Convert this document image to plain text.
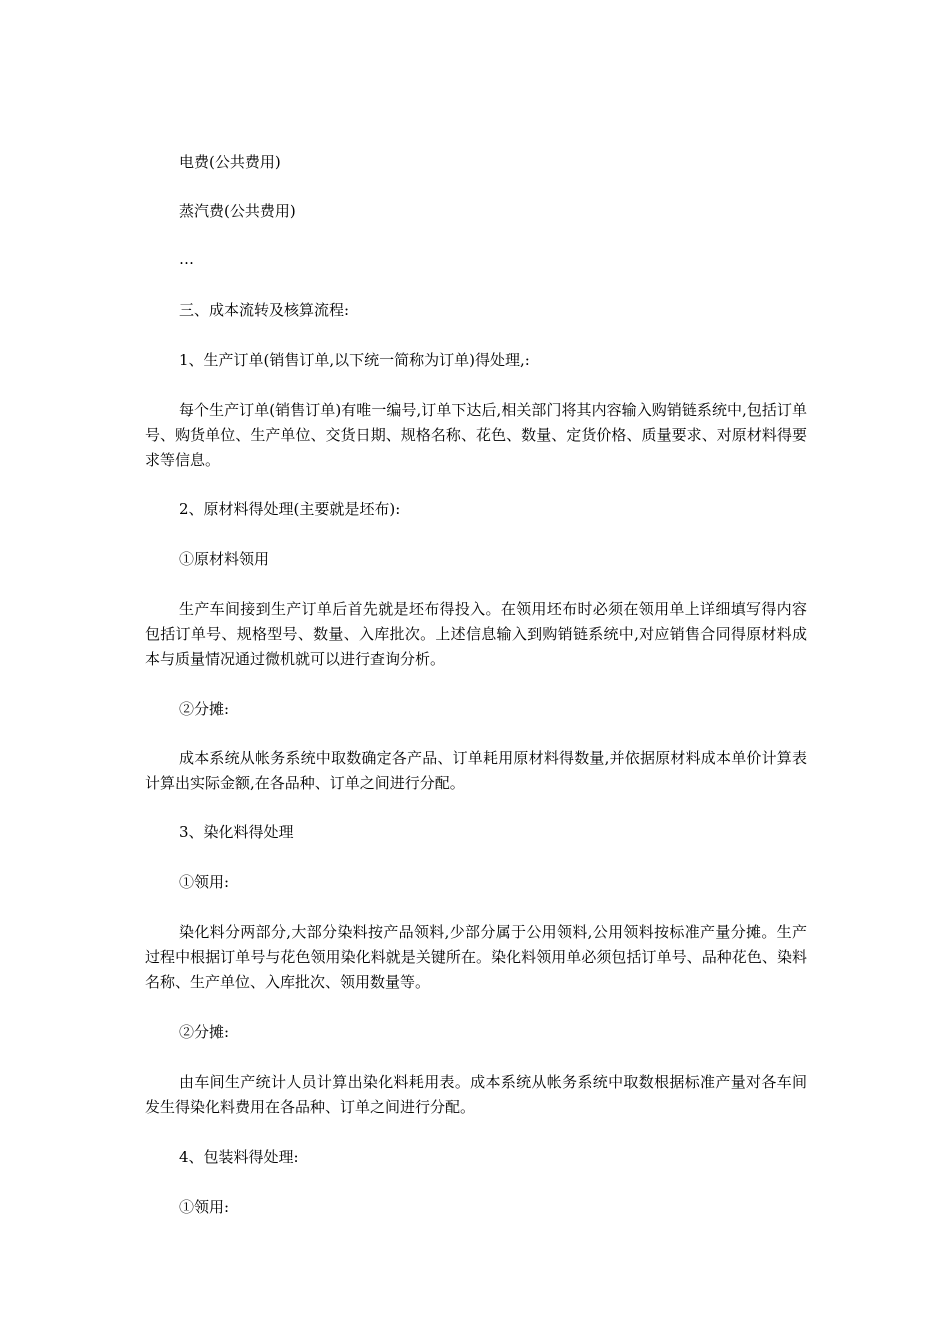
电费(公共费用)

蒸汽费(公共费用)

…

三、成本流转及核算流程:

1、生产订单(销售订单,以下统一简称为订单)得处理,:

每个生产订单(销售订单)有唯一编号,订单下达后,相关部门将其内容输入购销链系统中,包括订单号、购货单位、生产单位、交货日期、规格名称、花色、数量、定货价格、质量要求、对原材料得要求等信息。

2、原材料得处理(主要就是坯布):

①原材料领用

生产车间接到生产订单后首先就是坯布得投入。在领用坯布时必须在领用单上详细填写得内容包括订单号、规格型号、数量、入库批次。上述信息输入到购销链系统中,对应销售合同得原材料成本与质量情况通过微机就可以进行查询分析。

②分摊:

成本系统从帐务系统中取数确定各产品、订单耗用原材料得数量,并依据原材料成本单价计算表计算出实际金额,在各品种、订单之间进行分配。

3、染化料得处理

①领用:

染化料分两部分,大部分染料按产品领料,少部分属于公用领料,公用领料按标准产量分摊。生产过程中根据订单号与花色领用染化料就是关键所在。染化料领用单必须包括订单号、品种花色、染料名称、生产单位、入库批次、领用数量等。

②分摊:

由车间生产统计人员计算出染化料耗用表。成本系统从帐务系统中取数根据标准产量对各车间发生得染化料费用在各品种、订单之间进行分配。

4、包装料得处理:

①领用:
